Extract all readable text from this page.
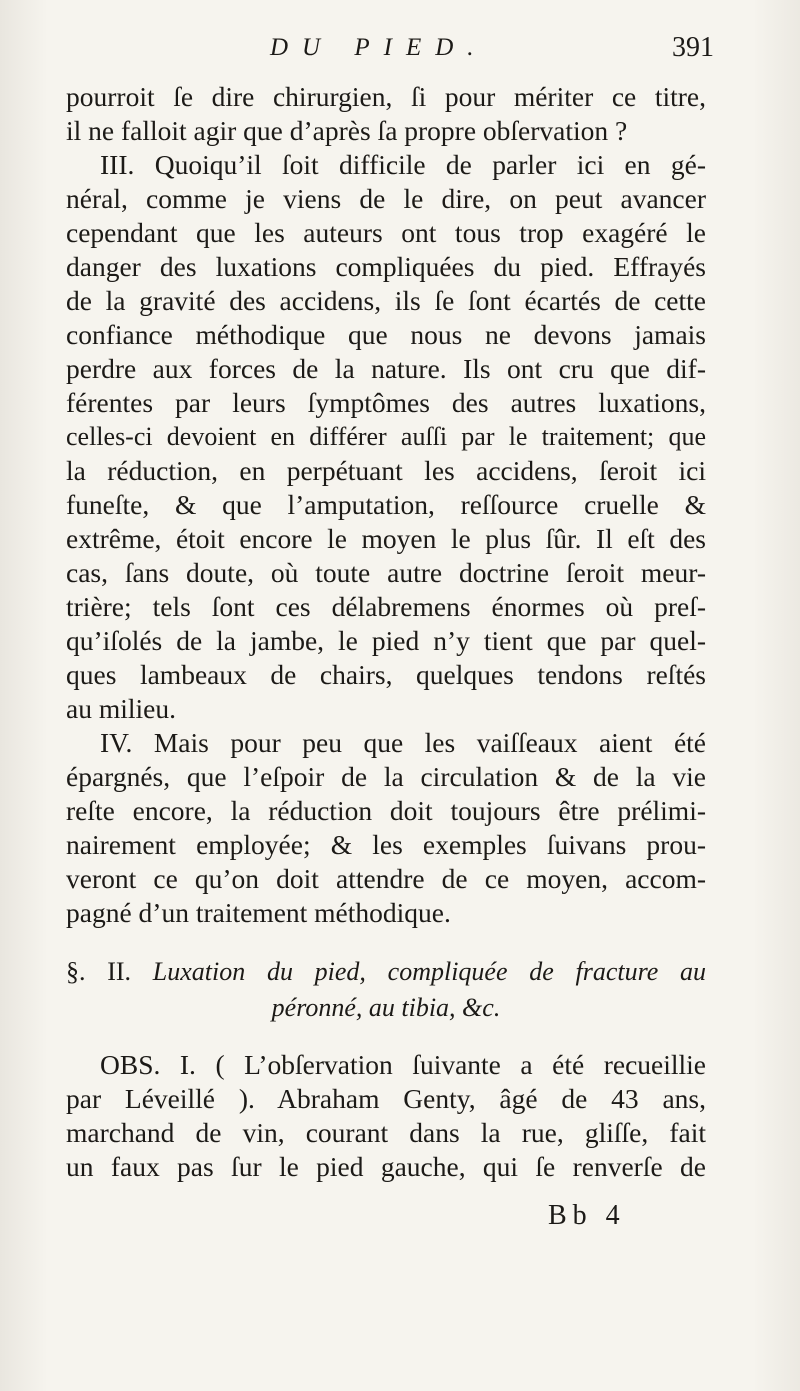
DU PIED.	391
pourroit ſe dire chirurgien, ſi pour mériter ce titre,
il ne falloit agir que d’après ſa propre obſervation ?
III. Quoiqu’il ſoit difficile de parler ici en gé-
néral, comme je viens de le dire, on peut avancer
cependant que les auteurs ont tous trop exagéré le
danger des luxations compliquées du pied. Effrayés
de la gravité des accidens, ils ſe ſont écartés de cette
confiance méthodique que nous ne devons jamais
perdre aux forces de la nature. Ils ont cru que dif-
férentes par leurs ſymptômes des autres luxations,
celles-ci devoient en différer auſſi par le traitement; que
la réduction, en perpétuant les accidens, ſeroit ici
funeſte, & que l’amputation, reſſource cruelle &
extrême, étoit encore le moyen le plus ſûr. Il eſt des
cas, ſans doute, où toute autre doctrine ſeroit meur-
trière; tels ſont ces délabremens énormes où preſ-
qu’iſolés de la jambe, le pied n’y tient que par quel-
ques lambeaux de chairs, quelques tendons reſtés
au milieu.
IV. Mais pour peu que les vaiſſeaux aient été
épargnés, que l’eſpoir de la circulation & de la vie
reſte encore, la réduction doit toujours être prélimi-
nairement employée; & les exemples ſuivans prou-
veront ce qu’on doit attendre de ce moyen, accom-
pagné d’un traitement méthodique.
§. II. Luxation du pied, compliquée de fracture au
péronné, au tibia, &c.
OBS. I. ( L’obſervation ſuivante a été recueillie
par Léveillé ). Abraham Genty, âgé de 43 ans,
marchand de vin, courant dans la rue, gliſſe, fait
un faux pas ſur le pied gauche, qui ſe renverſe de
Bb 4
